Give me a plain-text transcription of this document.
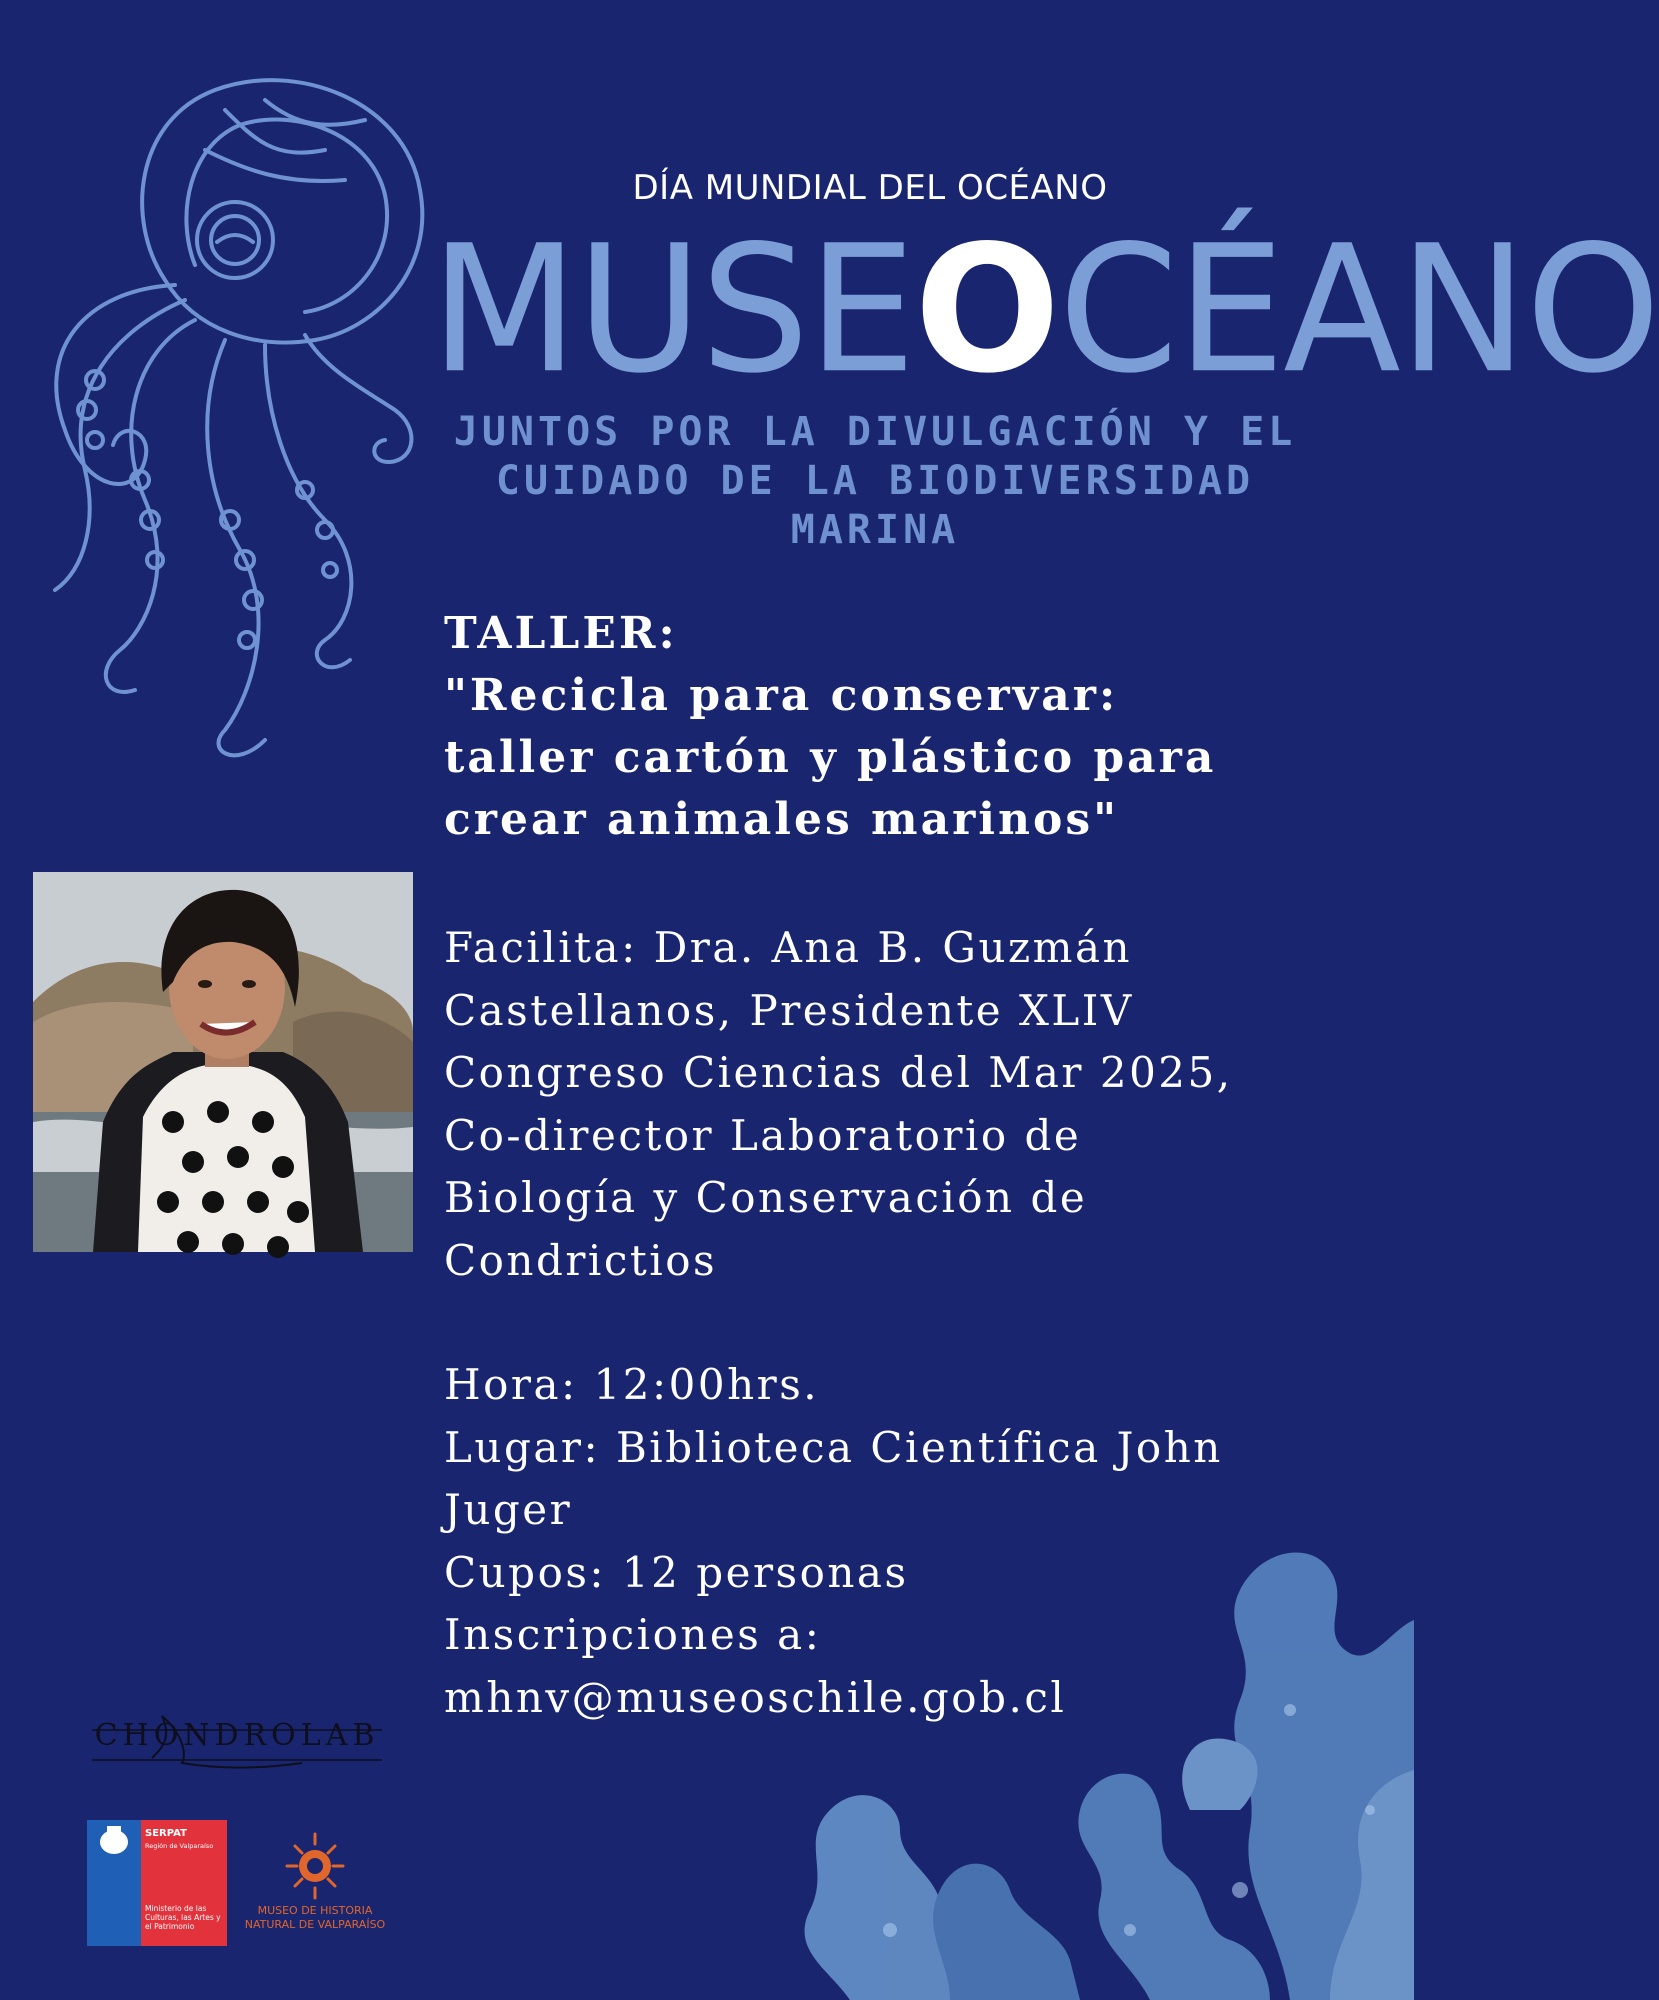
DÍA MUNDIAL DEL OCÉANO
MUSEOCÉANO
JUNTOS POR LA DIVULGACIÓN Y EL
CUIDADO DE LA BIODIVERSIDAD
MARINA
TALLER:
"Recicla para conservar:
taller cartón y plástico para
crear animales marinos"
Facilita: Dra. Ana B. Guzmán
Castellanos, Presidente XLIV
Congreso Ciencias del Mar 2025,
Co-director Laboratorio de
Biología y Conservación de
Condrictios
Hora: 12:00hrs.
Lugar: Biblioteca Científica John
Juger
Cupos: 12 personas
Inscripciones a:
mhnv@museoschile.gob.cl
CHONDROLAB
SERPAT
Región de Valparaíso
Ministerio de las Culturas, las Artes y el Patrimonio
MUSEO DE HISTORIA
NATURAL DE VALPARAÍSO
